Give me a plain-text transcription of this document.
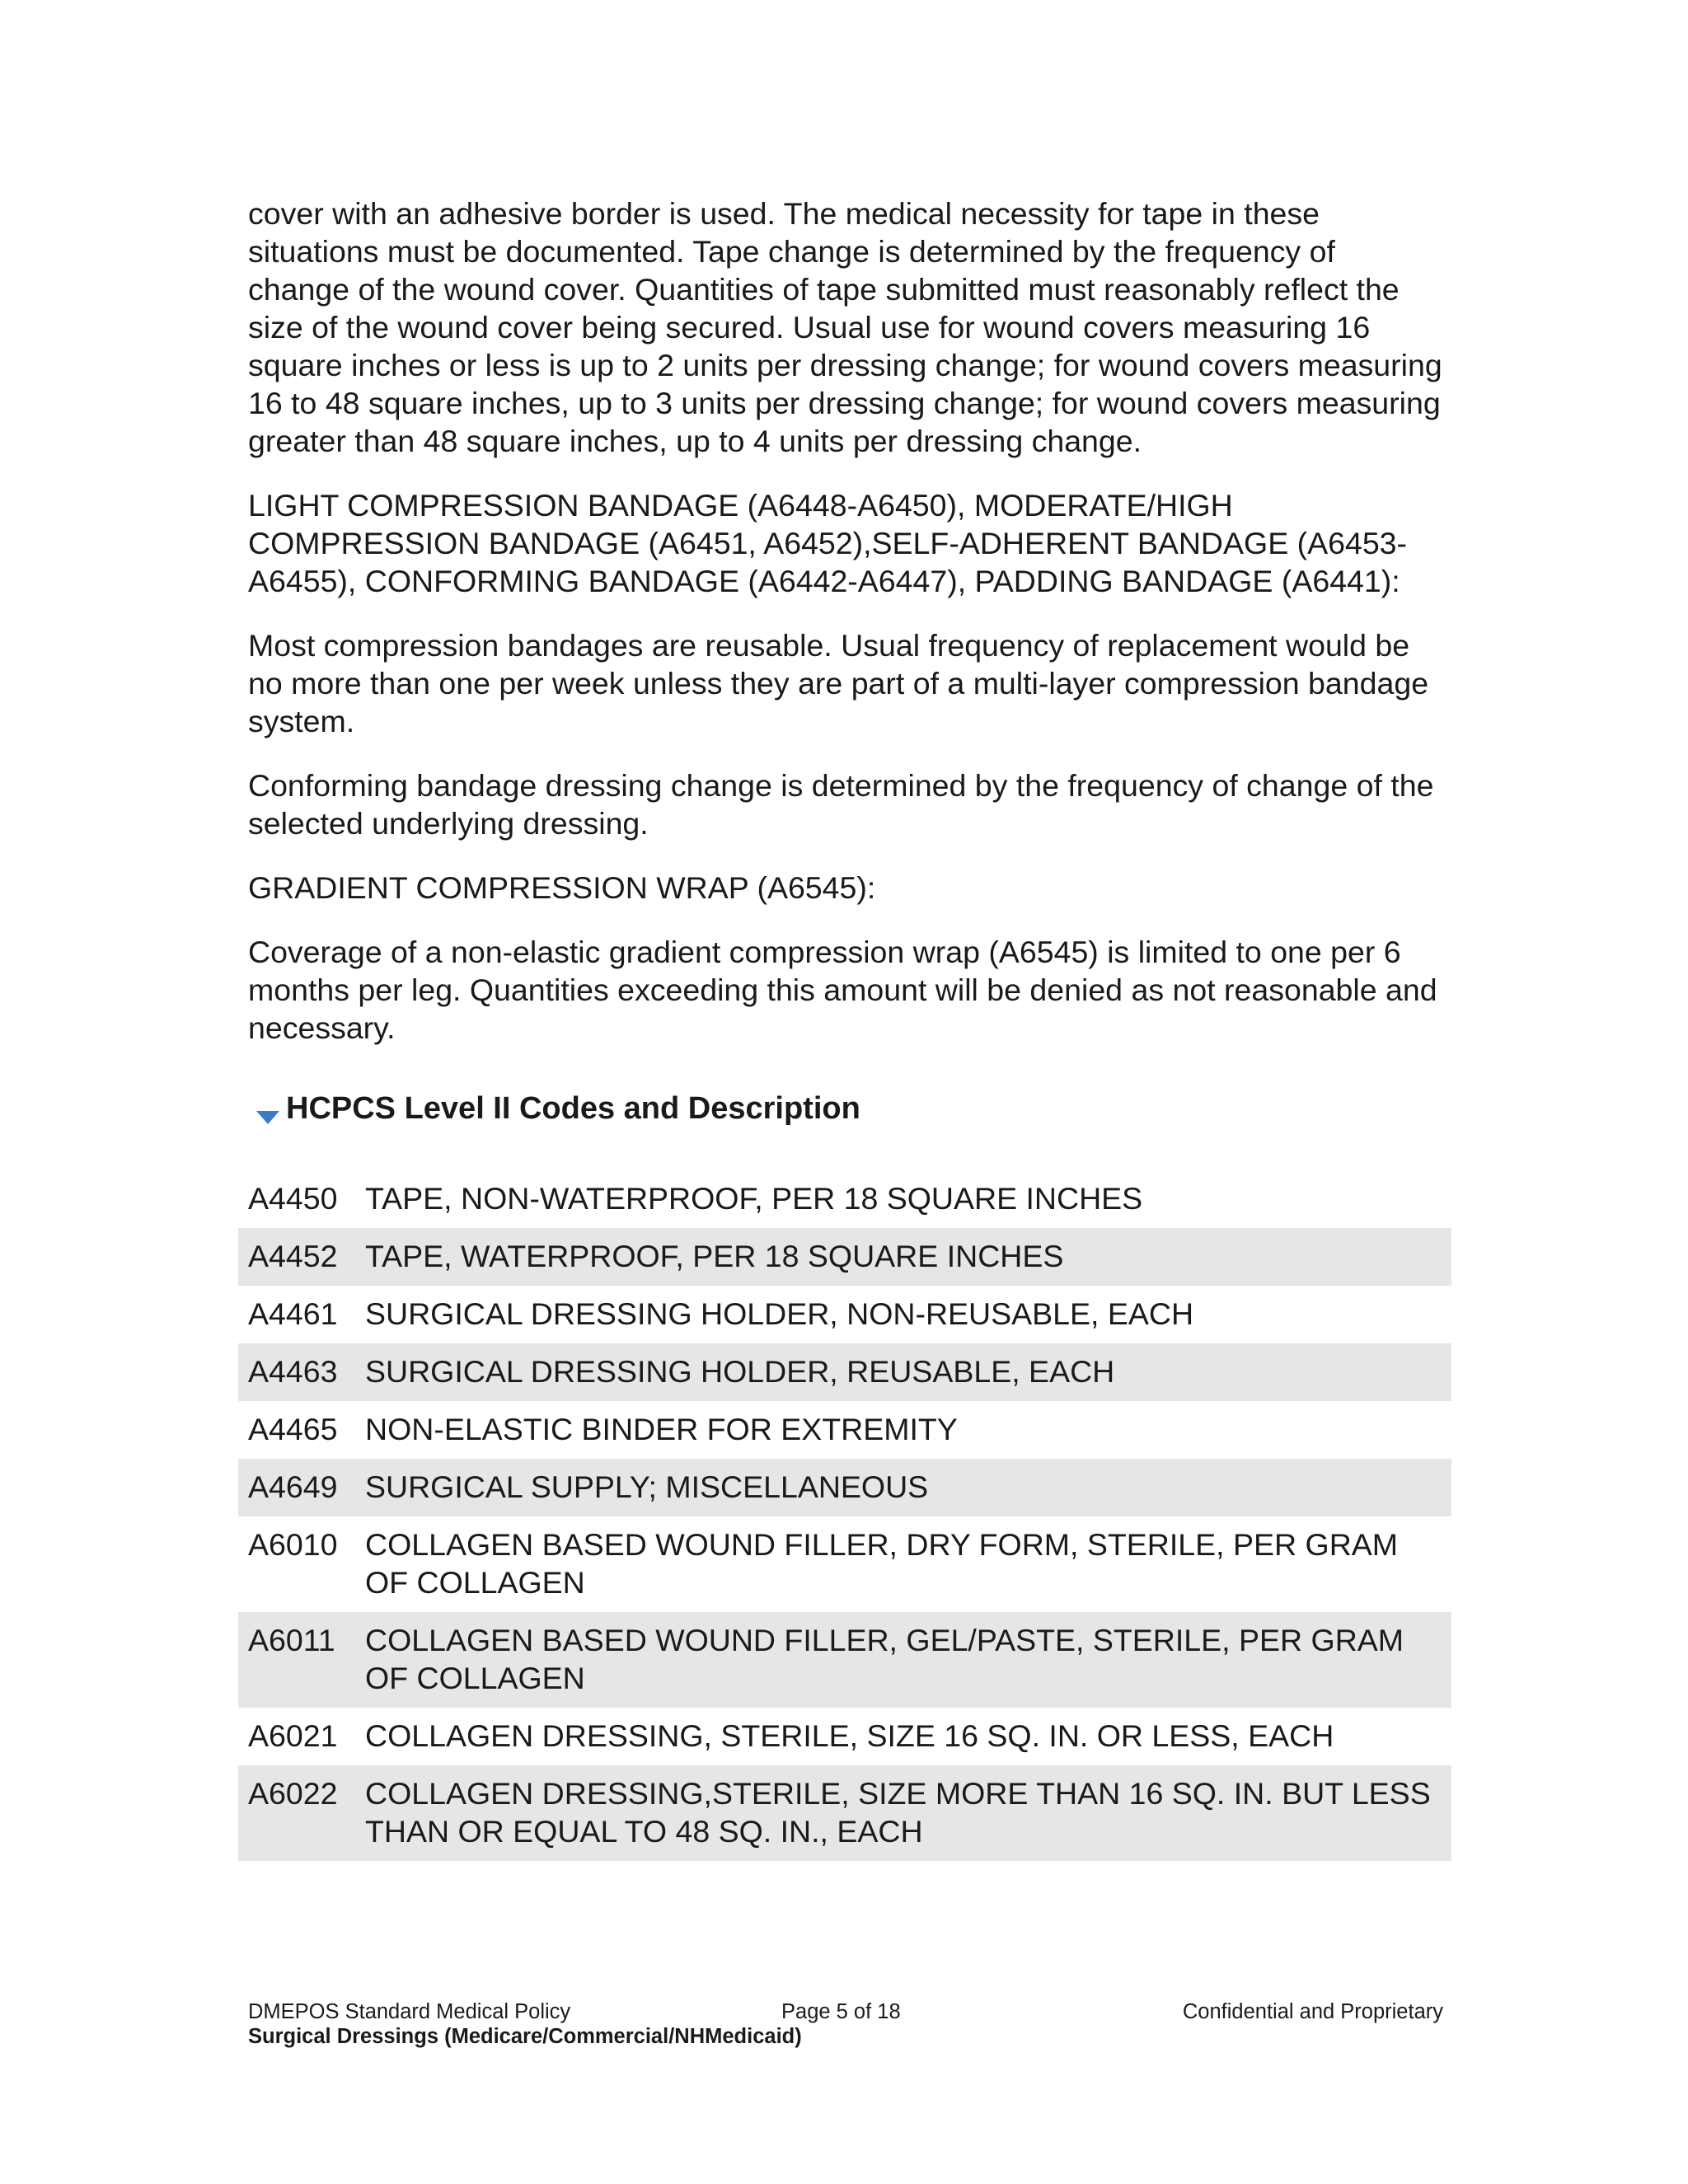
cover with an adhesive border is used. The medical necessity for tape in these situations must be documented. Tape change is determined by the frequency of change of the wound cover. Quantities of tape submitted must reasonably reflect the size of the wound cover being secured. Usual use for wound covers measuring 16 square inches or less is up to 2 units per dressing change; for wound covers measuring 16 to 48 square inches, up to 3 units per dressing change; for wound covers measuring greater than 48 square inches, up to 4 units per dressing change.

LIGHT COMPRESSION BANDAGE (A6448-A6450), MODERATE/HIGH COMPRESSION BANDAGE (A6451, A6452),SELF-ADHERENT BANDAGE (A6453-A6455), CONFORMING BANDAGE (A6442-A6447), PADDING BANDAGE (A6441):

Most compression bandages are reusable. Usual frequency of replacement would be no more than one per week unless they are part of a multi-layer compression bandage system.

Conforming bandage dressing change is determined by the frequency of change of the selected underlying dressing.

GRADIENT COMPRESSION WRAP (A6545):

Coverage of a non-elastic gradient compression wrap (A6545) is limited to one per 6 months per leg. Quantities exceeding this amount will be denied as not reasonable and necessary.

HCPCS Level II Codes and Description
A4450 TAPE, NON-WATERPROOF, PER 18 SQUARE INCHES
A4452 TAPE, WATERPROOF, PER 18 SQUARE INCHES
A4461 SURGICAL DRESSING HOLDER, NON-REUSABLE, EACH
A4463 SURGICAL DRESSING HOLDER, REUSABLE, EACH
A4465 NON-ELASTIC BINDER FOR EXTREMITY
A4649 SURGICAL SUPPLY; MISCELLANEOUS
A6010 COLLAGEN BASED WOUND FILLER, DRY FORM, STERILE, PER GRAM OF COLLAGEN
A6011 COLLAGEN BASED WOUND FILLER, GEL/PASTE, STERILE, PER GRAM OF COLLAGEN
A6021 COLLAGEN DRESSING, STERILE, SIZE 16 SQ. IN. OR LESS, EACH
A6022 COLLAGEN DRESSING,STERILE, SIZE MORE THAN 16 SQ. IN. BUT LESS THAN OR EQUAL TO 48 SQ. IN., EACH
DMEPOS Standard Medical Policy	Page 5 of 18	Confidential and Proprietary
Surgical Dressings (Medicare/Commercial/NHMedicaid)
